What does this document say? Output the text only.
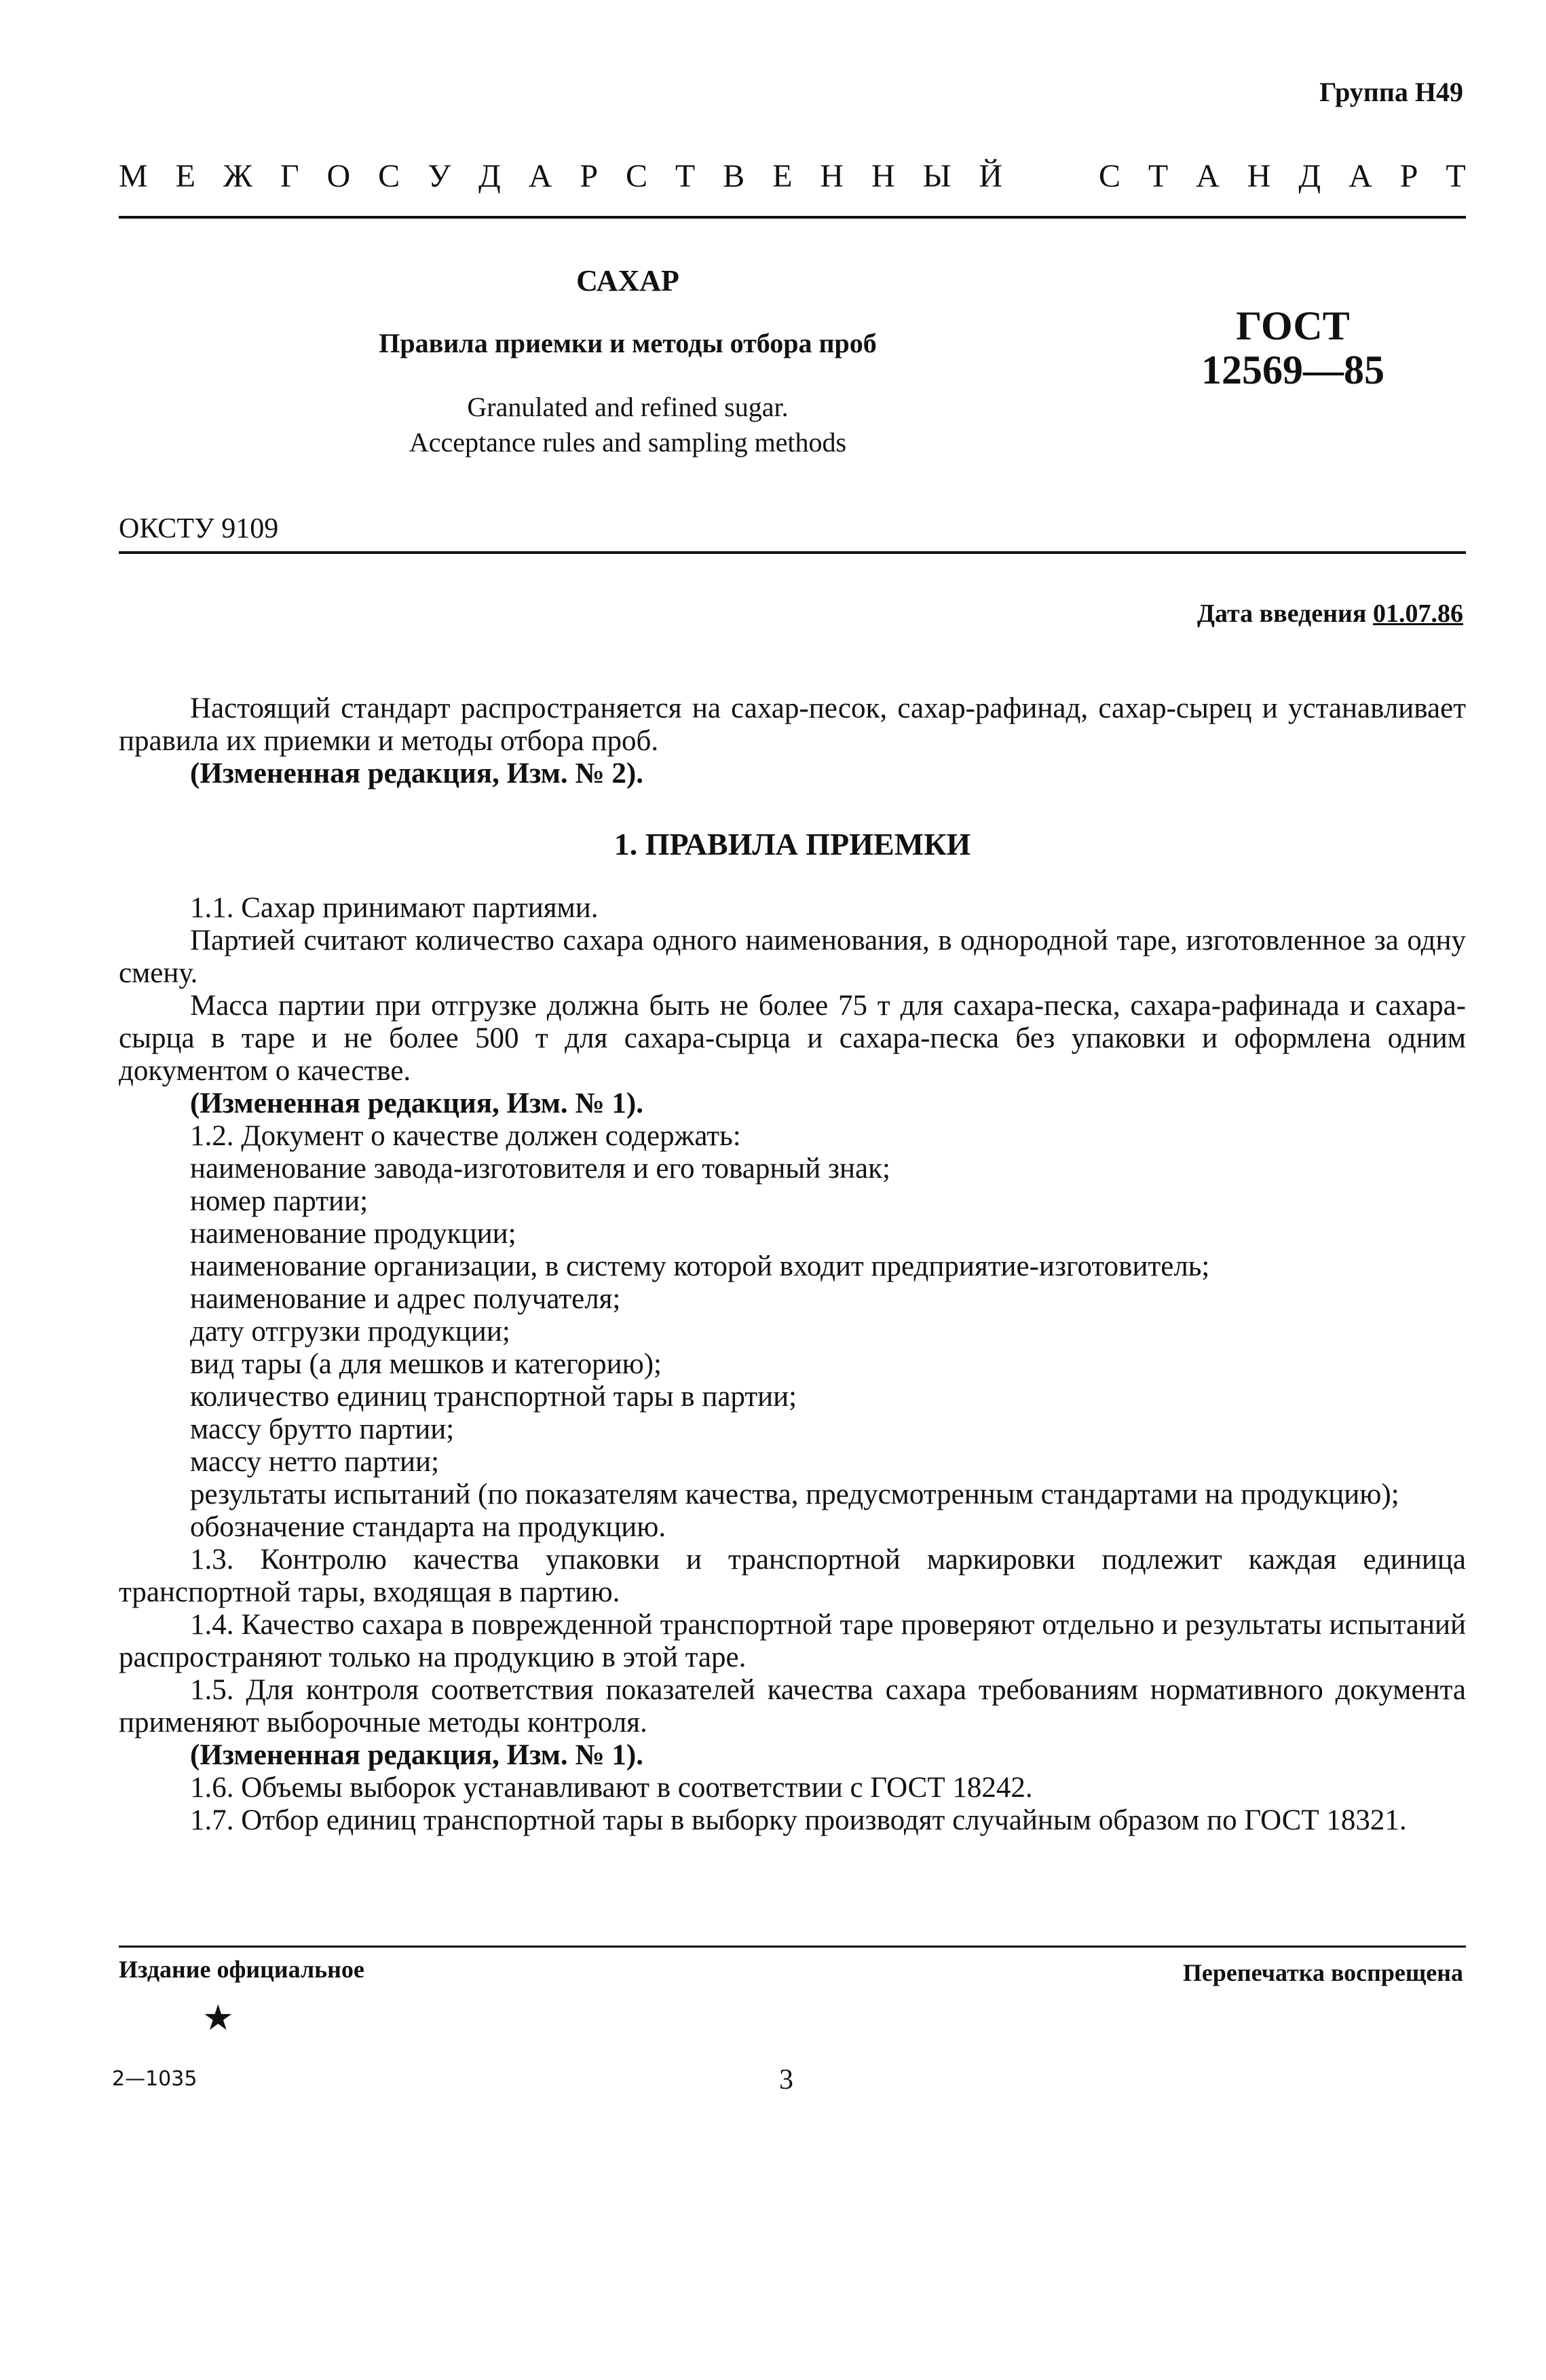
Группа Н49
М Е Ж Г О С У Д А Р С Т В Е Н Н Ы Й	С Т А Н Д А Р Т
САХАР
Правила приемки и методы отбора проб
Granulated and refined sugar.
Acceptance rules and sampling methods
ГОСТ
12569—85
ОКСТУ 9109
Дата введения 01.07.86

Настоящий стандарт распространяется на сахар-песок, сахар-рафинад, сахар-сырец и устанавливает правила их приемки и методы отбора проб.

(Измененная редакция, Изм. № 2).

1. ПРАВИЛА ПРИЕМКИ

1.1. Сахар принимают партиями.

Партией считают количество сахара одного наименования, в однородной таре, изготовленное за одну смену.

Масса партии при отгрузке должна быть не более 75 т для сахара-песка, сахара-рафинада и сахара-сырца в таре и не более 500 т для сахара-сырца и сахара-песка без упаковки и оформлена одним документом о качестве.

(Измененная редакция, Изм. № 1).

1.2. Документ о качестве должен содержать:

наименование завода-изготовителя и его товарный знак;

номер партии;

наименование продукции;

наименование организации, в систему которой входит предприятие-изготовитель;

наименование и адрес получателя;

дату отгрузки продукции;

вид тары (а для мешков и категорию);

количество единиц транспортной тары в партии;

массу брутто партии;

массу нетто партии;

результаты испытаний (по показателям качества, предусмотренным стандартами на продукцию);

обозначение стандарта на продукцию.

1.3. Контролю качества упаковки и транспортной маркировки подлежит каждая единица транспортной тары, входящая в партию.

1.4. Качество сахара в поврежденной транспортной таре проверяют отдельно и результаты испытаний распространяют только на продукцию в этой таре.

1.5. Для контроля соответствия показателей качества сахара требованиям нормативного документа применяют выборочные методы контроля.

(Измененная редакция, Изм. № 1).

1.6. Объемы выборок устанавливают в соответствии с ГОСТ 18242.

1.7. Отбор единиц транспортной тары в выборку производят случайным образом по ГОСТ 18321.

Издание официальное	Перепечатка воспрещена
★
2—1035	3
